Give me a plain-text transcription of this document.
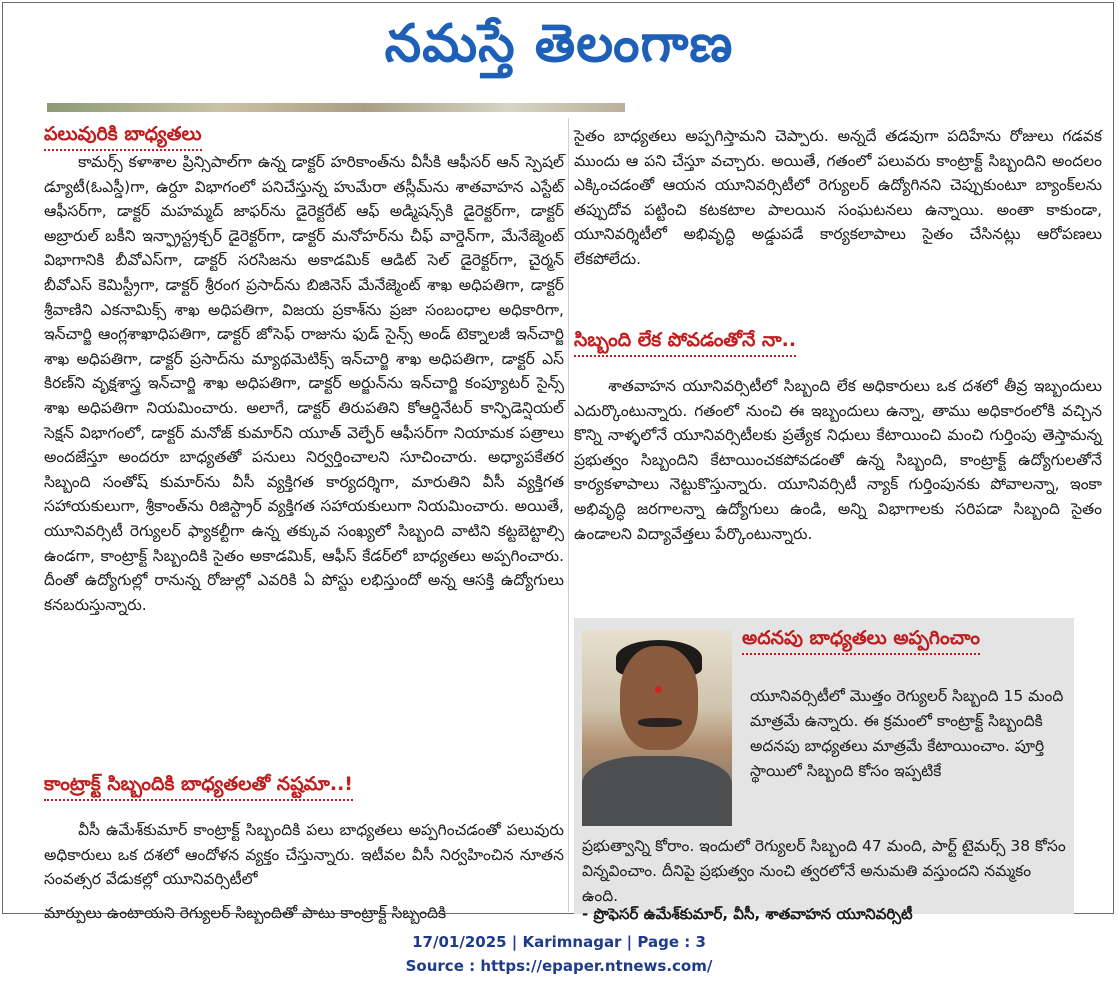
నమస్తే తెలంగాణ
పలువురికి బాధ్యతలు

కామర్స్ కళాశాల ప్రిన్సిపాల్‌గా ఉన్న డాక్టర్ హరికాంత్‌ను వీసీకి ఆఫీసర్ ఆన్ స్పెషల్ డ్యూటీ(ఓఎస్డీ)గా, ఉర్దూ విభాగంలో పనిచేస్తున్న హుమేరా తస్లీమ్‌ను శాతవాహన ఎస్టేట్ ఆఫీసర్‌గా, డాక్టర్ మహమ్మద్ జాఫర్‌ను డైరెక్టరేట్ ఆఫ్ అడ్మిషన్స్‌కి డైరెక్టర్‌గా, డాక్టర్ అబ్రారుల్ బకీని ఇన్ఫ్రాస్ట్రక్చర్ డైరెక్టర్‌గా, డాక్టర్ మనోహర్‌ను చీఫ్ వార్డెన్‌గా, మేనేజ్మెంట్ విభాగానికి బీవోఎస్‌గా, డాక్టర్ సరసిజను అకాడమిక్ ఆడిట్ సెల్ డైరెక్టర్‌గా, చైర్మన్ బీవోఎస్ కెమిస్ట్రీగా, డాక్టర్ శ్రీరంగ ప్రసాద్‌ను బిజినెస్ మేనేజ్మెంట్ శాఖ అధిపతిగా, డాక్టర్ శ్రీవాణిని ఎకనామిక్స్ శాఖ అధిపతిగా, విజయ ప్రకాశ్‌ను ప్రజా సంబంధాల అధికారిగా, ఇన్‌చార్జి ఆంగ్లశాఖాధిపతిగా, డాక్టర్ జోసెఫ్ రాజును ఫుడ్ సైన్స్ అండ్ టెక్నాలజీ ఇన్‌చార్జి శాఖ అధిపతిగా, డాక్టర్ ప్రసాద్‌ను మ్యాథమెటిక్స్ ఇన్‌చార్జి శాఖ అధిపతిగా, డాక్టర్ ఎస్ కిరణ్‌ని వృక్షశాస్త్ర ఇన్‌చార్జి శాఖ అధిపతిగా, డాక్టర్ అర్జున్‌ను ఇన్‌చార్జి కంప్యూటర్ సైన్స్ శాఖ అధిపతిగా నియమించారు. అలాగే, డాక్టర్ తిరుపతిని కోఆర్డినేటర్ కాన్ఫిడెన్షియల్ సెక్షన్ విభాగంలో, డాక్టర్ మనోజ్ కుమార్‌ని యూత్ వెల్ఫేర్ ఆఫీసర్‌గా నియామక పత్రాలు అందజేస్తూ అందరూ బాధ్యతతో పనులు నిర్వర్తించాలని సూచించారు. అధ్యాపకేతర సిబ్బంది సంతోష్ కుమార్‌ను వీసీ వ్యక్తిగత కార్యదర్శిగా, మారుతిని వీసీ వ్యక్తిగత సహాయకులుగా, శ్రీకాంత్‌ను రిజిస్ట్రార్ వ్యక్తిగత సహాయకులుగా నియమించారు. అయితే, యూనివర్సిటీ రెగ్యులర్ ఫ్యాకల్టీగా ఉన్న తక్కువ సంఖ్యలో సిబ్బంది వాటిని కట్టబెట్టాల్సి ఉండగా, కాంట్రాక్ట్ సిబ్బందికి సైతం అకాడమిక్, ఆఫీస్ కేడర్‌లో బాధ్యతలు అప్పగించారు. దీంతో ఉద్యోగుల్లో రానున్న రోజుల్లో ఎవరికి ఏ పోస్టు లభిస్తుందో అన్న ఆసక్తి ఉద్యోగులు కనబరుస్తున్నారు.

కాంట్రాక్ట్ సిబ్బందికి బాధ్యతలతో నష్టమా..!

వీసీ ఉమేశ్‌కుమార్ కాంట్రాక్ట్ సిబ్బందికి పలు బాధ్యతలు అప్పగించడంతో పలువురు అధికారులు ఒక దశలో ఆందోళన వ్యక్తం చేస్తున్నారు. ఇటీవల వీసీ నిర్వహించిన నూతన సంవత్సర వేడుకల్లో యూనివర్సిటీలో

మార్పులు ఉంటాయని రెగ్యులర్ సిబ్బందితో పాటు కాంట్రాక్ట్ సిబ్బందికి

సైతం బాధ్యతలు అప్పగిస్తామని చెప్పారు. అన్నదే తడవుగా పదిహేను రోజులు గడవక ముందు ఆ పని చేస్తూ వచ్చారు. అయితే, గతంలో పలువరు కాంట్రాక్ట్ సిబ్బందిని అందలం ఎక్కించడంతో ఆయన యూనివర్సిటీలో రెగ్యులర్ ఉద్యోగినని చెప్పుకుంటూ బ్యాంక్‌లను తప్పుదోవ పట్టించి కటకటాల పాలయిన సంఘటనలు ఉన్నాయి. అంతా కాకుండా, యూనివర్శిటీలో అభివృద్ధి అడ్డుపడే కార్యకలాపాలు సైతం చేసినట్లు ఆరోపణలు లేకపోలేదు.

సిబ్బంది లేక పోవడంతోనే నా..

శాతవాహన యూనివర్సిటీలో సిబ్బంది లేక అధికారులు ఒక దశలో తీవ్ర ఇబ్బందులు ఎదుర్కొంటున్నారు. గతంలో నుంచి ఈ ఇబ్బందులు ఉన్నా, తాము అధికారంలోకి వచ్చిన కొన్ని నాళ్ళలోనే యూనివర్సిటీలకు ప్రత్యేక నిధులు కేటాయించి మంచి గుర్తింపు తెస్తామన్న ప్రభుత్వం సిబ్బందిని కేటాయించకపోవడంతో ఉన్న సిబ్బంది, కాంట్రాక్ట్ ఉద్యోగులతోనే కార్యకళాపాలు నెట్టుకొస్తున్నారు. యూనివర్సిటీ న్యాక్ గుర్తింపునకు పోవాలన్నా, ఇంకా అభివృద్ధి జరగాలన్నా ఉద్యోగులు ఉండి, అన్ని విభాగాలకు సరిపడా సిబ్బంది సైతం ఉండాలని విద్యావేత్తలు పేర్కొంటున్నారు.

అదనపు బాధ్యతలు అప్పగించాం
యూనివర్సిటీలో మొత్తం రెగ్యులర్ సిబ్బంది 15 మంది మాత్రమే ఉన్నారు. ఈ క్రమంలో కాంట్రాక్ట్ సిబ్బందికి అదనపు బాధ్యతలు మాత్రమే కేటాయించాం. పూర్తి స్థాయిలో సిబ్బంది కోసం ఇప్పటికే
ప్రభుత్వాన్ని కోరాం. ఇందులో రెగ్యులర్ సిబ్బంది 47 మంది, పార్ట్ టైమర్స్ 38 కోసం విన్నవించాం. దీనిపై ప్రభుత్వం నుంచి త్వరలోనే అనుమతి వస్తుందని నమ్మకం ఉంది.
- ప్రొఫెసర్ ఉమేశ్‌కుమార్, వీసీ, శాతవాహన యూనివర్సిటీ
17/01/2025 | Karimnagar | Page : 3
Source : https://epaper.ntnews.com/
